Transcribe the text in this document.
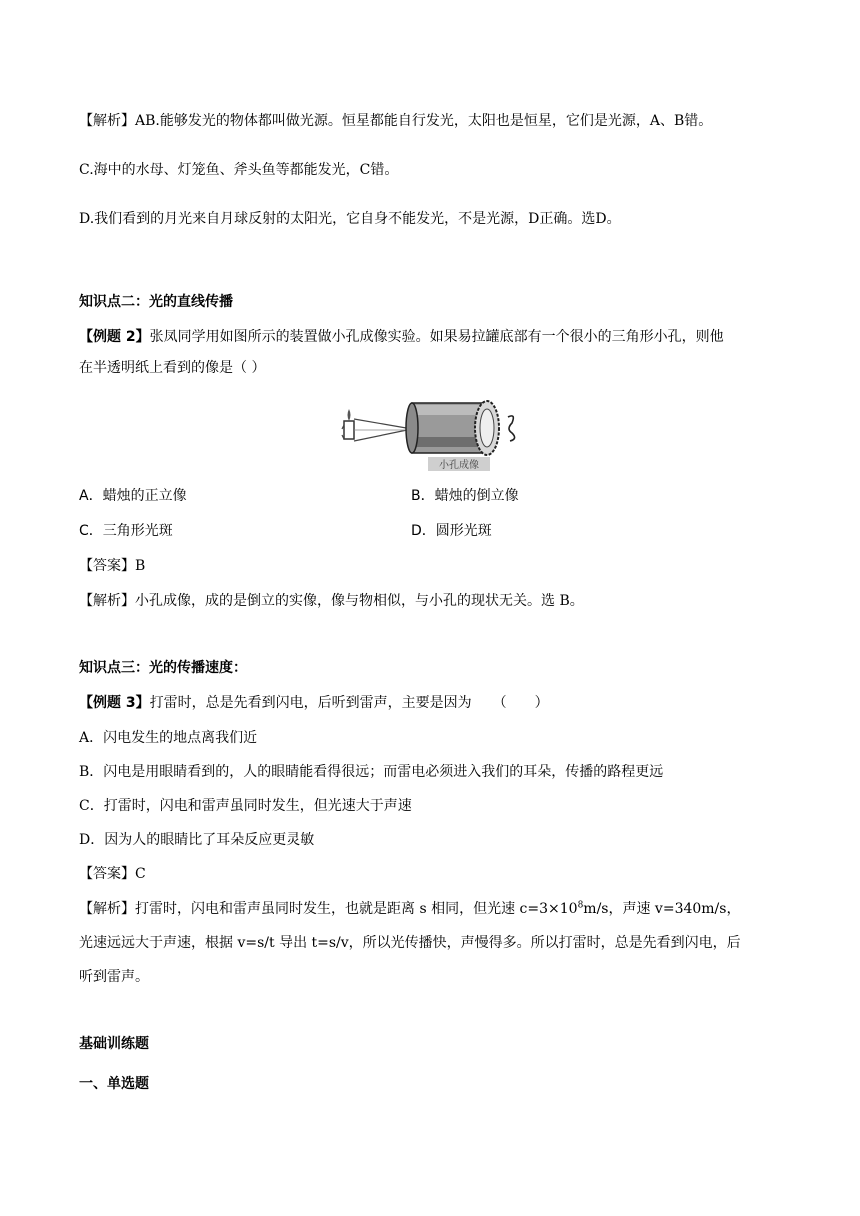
【解析】AB.能够发光的物体都叫做光源。恒星都能自行发光，太阳也是恒星，它们是光源，A、B错。
C.海中的水母、灯笼鱼、斧头鱼等都能发光，C错。
D.我们看到的月光来自月球反射的太阳光，它自身不能发光，不是光源，D正确。选D。
知识点二：光的直线传播
【例题 2】张凤同学用如图所示的装置做小孔成像实验。如果易拉罐底部有一个很小的三角形小孔，则他
在半透明纸上看到的像是（ ）
小孔成像
A．蜡烛的正立像	B．蜡烛的倒立像
C．三角形光斑	D．圆形光斑
【答案】B
【解析】小孔成像，成的是倒立的实像，像与物相似，与小孔的现状无关。选 B。
知识点三：光的传播速度：
【例题 3】打雷时，总是先看到闪电，后听到雷声，主要是因为　　（　　）
A．闪电发生的地点离我们近
B．闪电是用眼睛看到的，人的眼睛能看得很远；而雷电必须进入我们的耳朵，传播的路程更远
C．打雷时，闪电和雷声虽同时发生，但光速大于声速
D．因为人的眼睛比了耳朵反应更灵敏
【答案】C
【解析】打雷时，闪电和雷声虽同时发生，也就是距离 s 相同，但光速 $c=3\times 10^8m/s$，声速 v=340m/s，
光速远远大于声速，根据 v=s/t 导出 t=s/v，所以光传播快，声慢得多。所以打雷时，总是先看到闪电，后
听到雷声。
基础训练题
一、单选题
